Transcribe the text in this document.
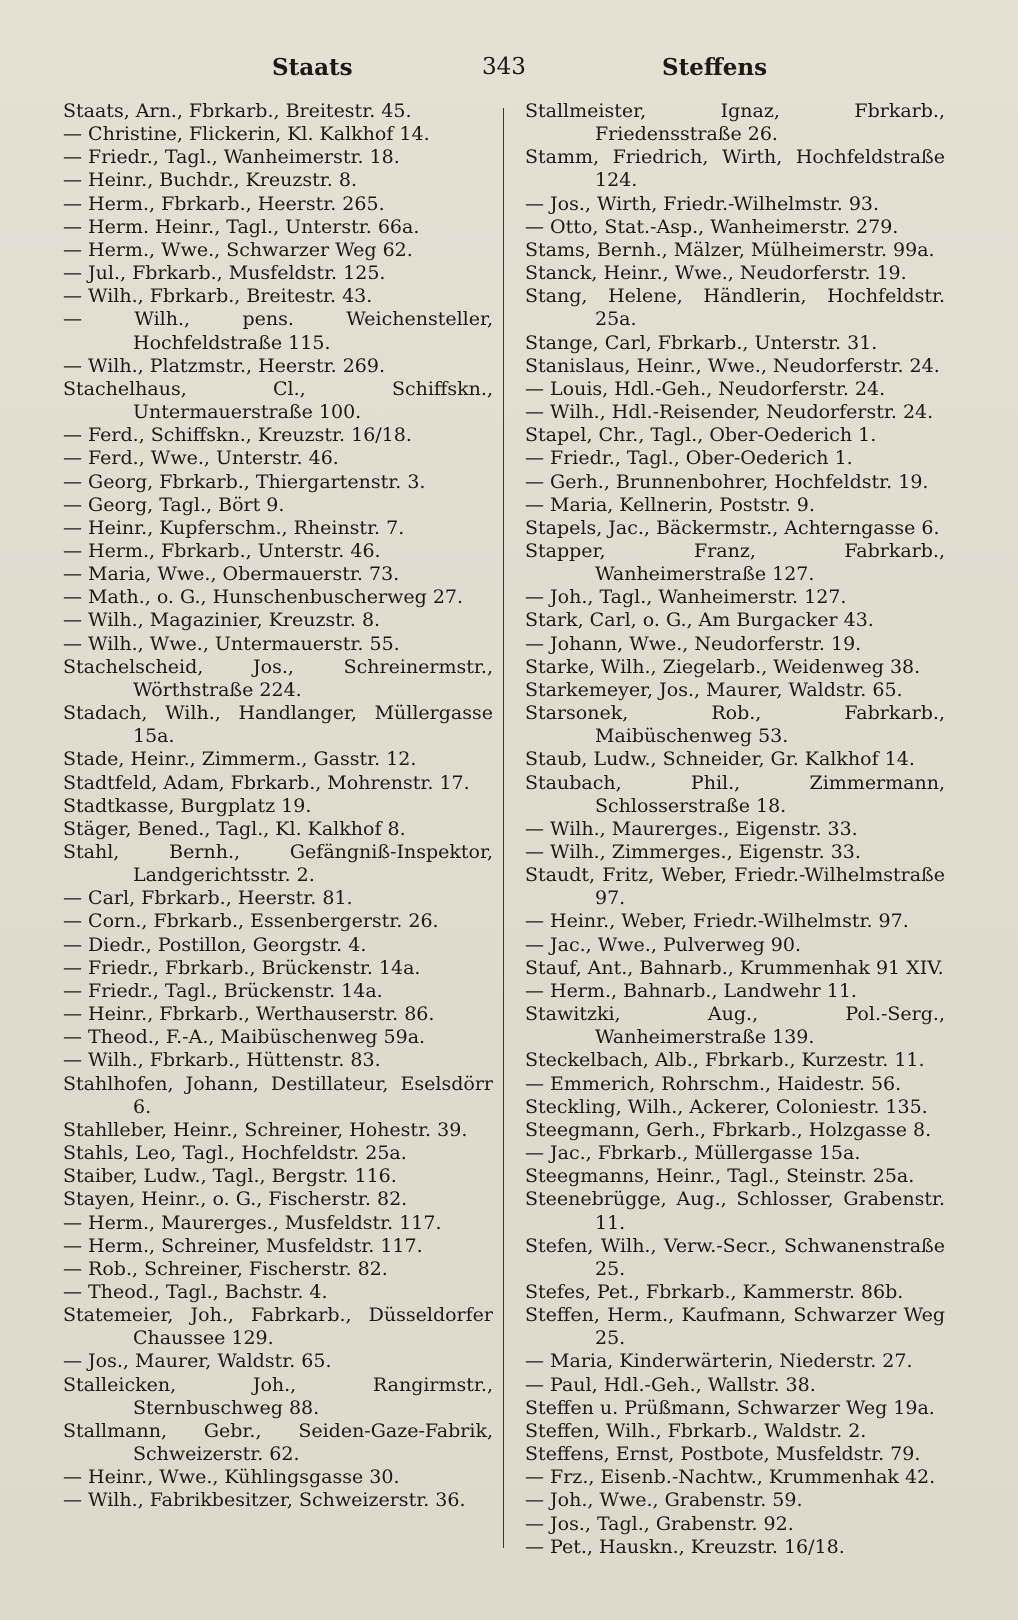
Staats	343	Steffens

Staats, Arn., Fbrkarb., Breitestr. 45.

— Christine, Flickerin, Kl. Kalkhof 14.

— Friedr., Tagl., Wanheimerstr. 18.

— Heinr., Buchdr., Kreuzstr. 8.

— Herm., Fbrkarb., Heerstr. 265.

— Herm. Heinr., Tagl., Unterstr. 66a.

— Herm., Wwe., Schwarzer Weg 62.

— Jul., Fbrkarb., Musfeldstr. 125.

— Wilh., Fbrkarb., Breitestr. 43.

— Wilh., pens. Weichensteller, Hochfeldstraße 115.

— Wilh., Platzmstr., Heerstr. 269.

Stachelhaus, Cl., Schiffskn., Untermauerstraße 100.

— Ferd., Schiffskn., Kreuzstr. 16/18.

— Ferd., Wwe., Unterstr. 46.

— Georg, Fbrkarb., Thiergartenstr. 3.

— Georg, Tagl., Bört 9.

— Heinr., Kupferschm., Rheinstr. 7.

— Herm., Fbrkarb., Unterstr. 46.

— Maria, Wwe., Obermauerstr. 73.

— Math., o. G., Hunschenbuscherweg 27.

— Wilh., Magazinier, Kreuzstr. 8.

— Wilh., Wwe., Untermauerstr. 55.

Stachelscheid, Jos., Schreinermstr., Wörthstraße 224.

Stadach, Wilh., Handlanger, Müllergasse 15a.

Stade, Heinr., Zimmerm., Gasstr. 12.

Stadtfeld, Adam, Fbrkarb., Mohrenstr. 17.

Stadtkasse, Burgplatz 19.

Stäger, Bened., Tagl., Kl. Kalkhof 8.

Stahl, Bernh., Gefängniß-Inspektor, Landgerichtsstr. 2.

— Carl, Fbrkarb., Heerstr. 81.

— Corn., Fbrkarb., Essenbergerstr. 26.

— Diedr., Postillon, Georgstr. 4.

— Friedr., Fbrkarb., Brückenstr. 14a.

— Friedr., Tagl., Brückenstr. 14a.

— Heinr., Fbrkarb., Werthauserstr. 86.

— Theod., F.-A., Maibüschenweg 59a.

— Wilh., Fbrkarb., Hüttenstr. 83.

Stahlhofen, Johann, Destillateur, Eselsdörr 6.

Stahlleber, Heinr., Schreiner, Hohestr. 39.

Stahls, Leo, Tagl., Hochfeldstr. 25a.

Staiber, Ludw., Tagl., Bergstr. 116.

Stayen, Heinr., o. G., Fischerstr. 82.

— Herm., Maurerges., Musfeldstr. 117.

— Herm., Schreiner, Musfeldstr. 117.

— Rob., Schreiner, Fischerstr. 82.

— Theod., Tagl., Bachstr. 4.

Statemeier, Joh., Fabrkarb., Düsseldorfer Chaussee 129.

— Jos., Maurer, Waldstr. 65.

Stalleicken, Joh., Rangirmstr., Sternbuschweg 88.

Stallmann, Gebr., Seiden-Gaze-Fabrik, Schweizerstr. 62.

— Heinr., Wwe., Kühlingsgasse 30.

— Wilh., Fabrikbesitzer, Schweizerstr. 36.

Stallmeister, Ignaz, Fbrkarb., Friedensstraße 26.

Stamm, Friedrich, Wirth, Hochfeldstraße 124.

— Jos., Wirth, Friedr.-Wilhelmstr. 93.

— Otto, Stat.-Asp., Wanheimerstr. 279.

Stams, Bernh., Mälzer, Mülheimerstr. 99a.

Stanck, Heinr., Wwe., Neudorferstr. 19.

Stang, Helene, Händlerin, Hochfeldstr. 25a.

Stange, Carl, Fbrkarb., Unterstr. 31.

Stanislaus, Heinr., Wwe., Neudorferstr. 24.

— Louis, Hdl.-Geh., Neudorferstr. 24.

— Wilh., Hdl.-Reisender, Neudorferstr. 24.

Stapel, Chr., Tagl., Ober-Oederich 1.

— Friedr., Tagl., Ober-Oederich 1.

— Gerh., Brunnenbohrer, Hochfeldstr. 19.

— Maria, Kellnerin, Poststr. 9.

Stapels, Jac., Bäckermstr., Achterngasse 6.

Stapper, Franz, Fabrkarb., Wanheimerstraße 127.

— Joh., Tagl., Wanheimerstr. 127.

Stark, Carl, o. G., Am Burgacker 43.

— Johann, Wwe., Neudorferstr. 19.

Starke, Wilh., Ziegelarb., Weidenweg 38.

Starkemeyer, Jos., Maurer, Waldstr. 65.

Starsonek, Rob., Fabrkarb., Maibüschenweg 53.

Staub, Ludw., Schneider, Gr. Kalkhof 14.

Staubach, Phil., Zimmermann, Schlosserstraße 18.

— Wilh., Maurerges., Eigenstr. 33.

— Wilh., Zimmerges., Eigenstr. 33.

Staudt, Fritz, Weber, Friedr.-Wilhelmstraße 97.

— Heinr., Weber, Friedr.-Wilhelmstr. 97.

— Jac., Wwe., Pulverweg 90.

Stauf, Ant., Bahnarb., Krummenhak 91 XIV.

— Herm., Bahnarb., Landwehr 11.

Stawitzki, Aug., Pol.-Serg., Wanheimerstraße 139.

Steckelbach, Alb., Fbrkarb., Kurzestr. 11.

— Emmerich, Rohrschm., Haidestr. 56.

Steckling, Wilh., Ackerer, Coloniestr. 135.

Steegmann, Gerh., Fbrkarb., Holzgasse 8.

— Jac., Fbrkarb., Müllergasse 15a.

Steegmanns, Heinr., Tagl., Steinstr. 25a.

Steenebrügge, Aug., Schlosser, Grabenstr. 11.

Stefen, Wilh., Verw.-Secr., Schwanenstraße 25.

Stefes, Pet., Fbrkarb., Kammerstr. 86b.

Steffen, Herm., Kaufmann, Schwarzer Weg 25.

— Maria, Kinderwärterin, Niederstr. 27.

— Paul, Hdl.-Geh., Wallstr. 38.

Steffen u. Prüßmann, Schwarzer Weg 19a.

Steffen, Wilh., Fbrkarb., Waldstr. 2.

Steffens, Ernst, Postbote, Musfeldstr. 79.

— Frz., Eisenb.-Nachtw., Krummenhak 42.

— Joh., Wwe., Grabenstr. 59.

— Jos., Tagl., Grabenstr. 92.

— Pet., Hauskn., Kreuzstr. 16/18.
